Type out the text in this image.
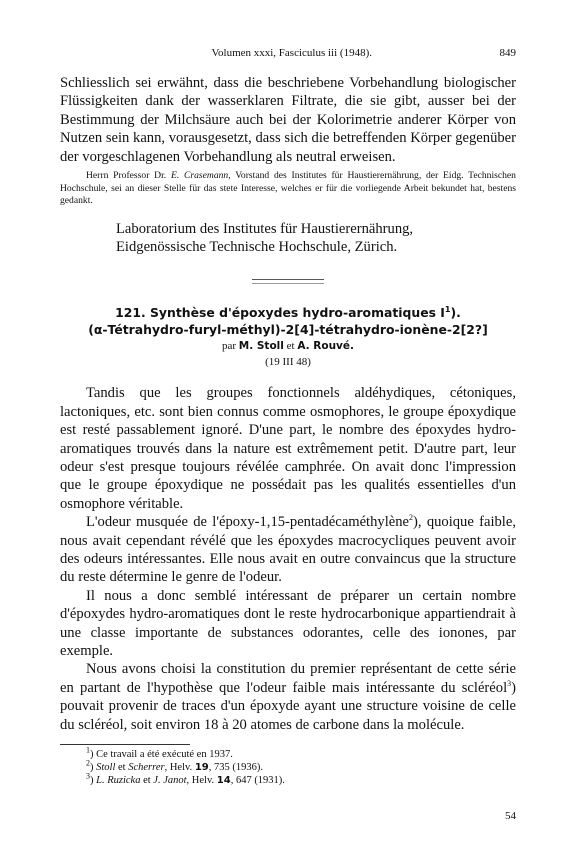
Volumen xxxi, Fasciculus iii (1948).	849

Schliesslich sei erwähnt, dass die beschriebene Vorbehandlung biologischer Flüssigkeiten dank der wasserklaren Filtrate, die sie gibt, ausser bei der Bestimmung der Milchsäure auch bei der Kolorimetrie anderer Körper von Nutzen sein kann, vorausgesetzt, dass sich die betreffenden Körper gegenüber der vorgeschlagenen Vorbehandlung als neutral erweisen.

Herrn Professor Dr. E. Crasemann, Vorstand des Institutes für Haustierernährung, der Eidg. Technischen Hochschule, sei an dieser Stelle für das stete Interesse, welches er für die vorliegende Arbeit bekundet hat, bestens gedankt.
Laboratorium des Institutes für Haustierernährung,
Eidgenössische Technische Hochschule, Zürich.
121. Synthèse d'époxydes hydro-aromatiques $I^1$).
(α-Tétrahydro-furyl-méthyl)-2[4]-tétrahydro-ionène-2[2?]
par M. Stoll et A. Rouvé.
(19 III 48)

Tandis que les groupes fonctionnels aldéhydiques, cétoniques, lactoniques, etc. sont bien connus comme osmophores, le groupe époxydique est resté passablement ignoré. D'une part, le nombre des époxydes hydro-aromatiques trouvés dans la nature est extrêmement petit. D'autre part, leur odeur s'est presque toujours révélée camphrée. On avait donc l'impression que le groupe époxydique ne possédait pas les qualités essentielles d'un osmophore véritable.

L'odeur musquée de l'époxy-1,15-pentadécaméthylène$^2$), quoique faible, nous avait cependant révélé que les époxydes macrocycliques peuvent avoir des odeurs intéressantes. Elle nous avait en outre convaincus que la structure du reste détermine le genre de l'odeur.

Il nous a donc semblé intéressant de préparer un certain nombre d'époxydes hydro-aromatiques dont le reste hydrocarbonique appartiendrait à une classe importante de substances odorantes, celle des ionones, par exemple.

Nous avons choisi la constitution du premier représentant de cette série en partant de l'hypothèse que l'odeur faible mais intéressante du scléréol$^3$) pouvait provenir de traces d'un époxyde ayant une structure voisine de celle du scléréol, soit environ 18 à 20 atomes de carbone dans la molécule.

$^1$) Ce travail a été exécuté en 1937.
$^2$) Stoll et Scherrer, Helv. 19, 735 (1936).
$^3$) L. Ruzicka et J. Janot, Helv. 14, 647 (1931).
54
